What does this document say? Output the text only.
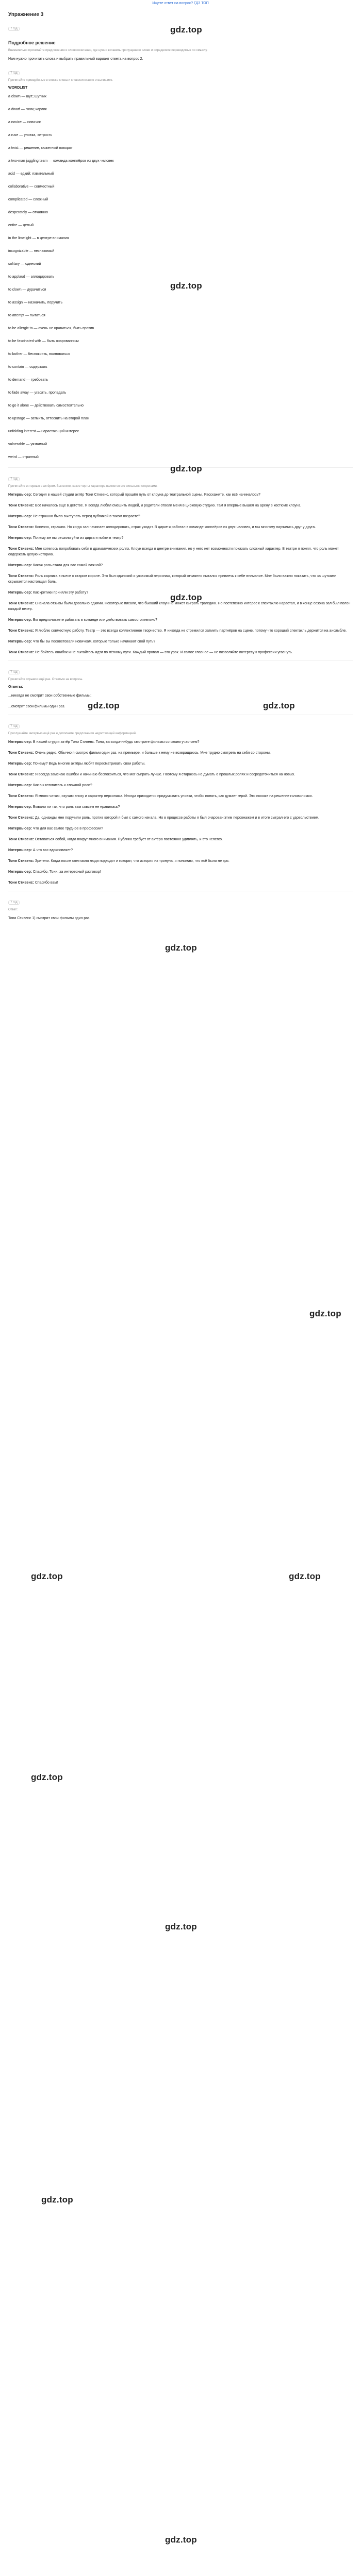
Ищете ответ на вопрос? ГДЗ ТОП
Упражнение 3
7 год
Подробное решение
Внимательно прочитайте предложения и словосочетания, где нужно вставить пропущенное слово и определите переводимые по смыслу.

Нам нужно прочитать слова и выбрать правильный вариант ответа на вопрос 2.

7 год
Прочитайте приведённые в списке слова и словосочетания и выпишите.
WORDLIST
a clown — шут; шутник
a dwarf — гном; карлик
a novice — новичок
a ruse — уловка, хитрость
a twist — решение, сюжетный поворот
a two-man juggling team — команда жонглёров из двух человек
acid — едкий; язвительный
collaborative — совместный
complicated — сложный
desperately — отчаянно
entire — целый
in the limelight — в центре внимания
incognizable — незнакомый
solitary — одинокий
to applaud — аплодировать
to clown — дурачиться
to assign — назначить, поручить
to attempt — пытаться
to be allergic to — очень не нравиться, быть против
to be fascinated with — быть очарованным
to bother — беспокоить, волноваться
to contain — содержать
to demand — требовать
to fade away — угасать, пропадать
to go it alone — действовать самостоятельно
to upstage — затмить, оттеснить на второй план
unfolding interest — нарастающий интерес
vulnerable — уязвимый
weird — странный
7 год
Прочитайте интервью с актёром. Выясните, какие черты характера являются его сильными сторонами.

Интервьюер: Сегодня в нашей студии актёр Тони Стивенс, который прошёл путь от клоуна до театральной сцены. Расскажите, как всё начиналось?

Тони Стивенс: Всё началось ещё в детстве. Я всегда любил смешить людей, и родители отвели меня в цирковую студию. Там я впервые вышел на арену в костюме клоуна.

Интервьюер: Не страшно было выступать перед публикой в таком возрасте?

Тони Стивенс: Конечно, страшно. Но когда зал начинает аплодировать, страх уходит. В цирке я работал в команде жонглёров из двух человек, и мы многому научились друг у друга.

Интервьюер: Почему же вы решили уйти из цирка и пойти в театр?

Тони Стивенс: Мне хотелось попробовать себя в драматических ролях. Клоун всегда в центре внимания, но у него нет возможности показать сложный характер. В театре я понял, что роль может содержать целую историю.

Интервьюер: Какая роль стала для вас самой важной?

Тони Стивенс: Роль карлика в пьесе о старом короле. Это был одинокий и уязвимый персонаж, который отчаянно пытался привлечь к себе внимание. Мне было важно показать, что за шутками скрывается настоящая боль.

Интервьюер: Как критики приняли эту работу?

Тони Стивенс: Сначала отзывы были довольно едкими. Некоторые писали, что бывший клоун не может сыграть трагедию. Но постепенно интерес к спектаклю нарастал, и в конце сезона зал был полон каждый вечер.

Интервьюер: Вы предпочитаете работать в команде или действовать самостоятельно?

Тони Стивенс: Я люблю совместную работу. Театр — это всегда коллективное творчество. Я никогда не стремился затмить партнёров на сцене, потому что хороший спектакль держится на ансамбле.

Интервьюер: Что бы вы посоветовали новичкам, которые только начинают свой путь?

Тони Стивенс: Не бойтесь ошибок и не пытайтесь идти по лёгкому пути. Каждый провал — это урок. И самое главное — не позволяйте интересу к профессии угаснуть.

7 год
Прочитайте отрывок ещё раз. Ответьте на вопросы.
Ответы:

...никогда не смотрит свои собственные фильмы;

...смотрит свои фильмы один раз.

7 год
Прослушайте интервью ещё раз и дополните предложения недостающей информацией.

Интервьюер: В нашей студии актёр Тони Стивенс. Тони, вы когда-нибудь смотрите фильмы со своим участием?

Тони Стивенс: Очень редко. Обычно я смотрю фильм один раз, на премьере, и больше к нему не возвращаюсь. Мне трудно смотреть на себя со стороны.

Интервьюер: Почему? Ведь многие актёры любят пересматривать свои работы.

Тони Стивенс: Я всегда замечаю ошибки и начинаю беспокоиться, что мог сыграть лучше. Поэтому я стараюсь не думать о прошлых ролях и сосредоточиться на новых.

Интервьюер: Как вы готовитесь к сложной роли?

Тони Стивенс: Я много читаю, изучаю эпоху и характер персонажа. Иногда приходится придумывать уловки, чтобы понять, как думает герой. Это похоже на решение головоломки.

Интервьюер: Бывало ли так, что роль вам совсем не нравилась?

Тони Стивенс: Да, однажды мне поручили роль, против которой я был с самого начала. Но в процессе работы я был очарован этим персонажем и в итоге сыграл его с удовольствием.

Интервьюер: Что для вас самое трудное в профессии?

Тони Стивенс: Оставаться собой, когда вокруг много внимания. Публика требует от актёра постоянно удивлять, и это нелегко.

Интервьюер: А что вас вдохновляет?

Тони Стивенс: Зрители. Когда после спектакля люди подходят и говорят, что история их тронула, я понимаю, что всё было не зря.

Интервьюер: Спасибо, Тони, за интересный разговор!

Тони Стивенс: Спасибо вам!

7 год
Ответ:

Тони Стивенс 1) смотрит свои фильмы один раз.

gdz.top
gdz.top
gdz.top
gdz.top
gdz.top	gdz.top
gdz.top
gdz.top
gdz.top	gdz.top
gdz.top
gdz.top
gdz.top
gdz.top
